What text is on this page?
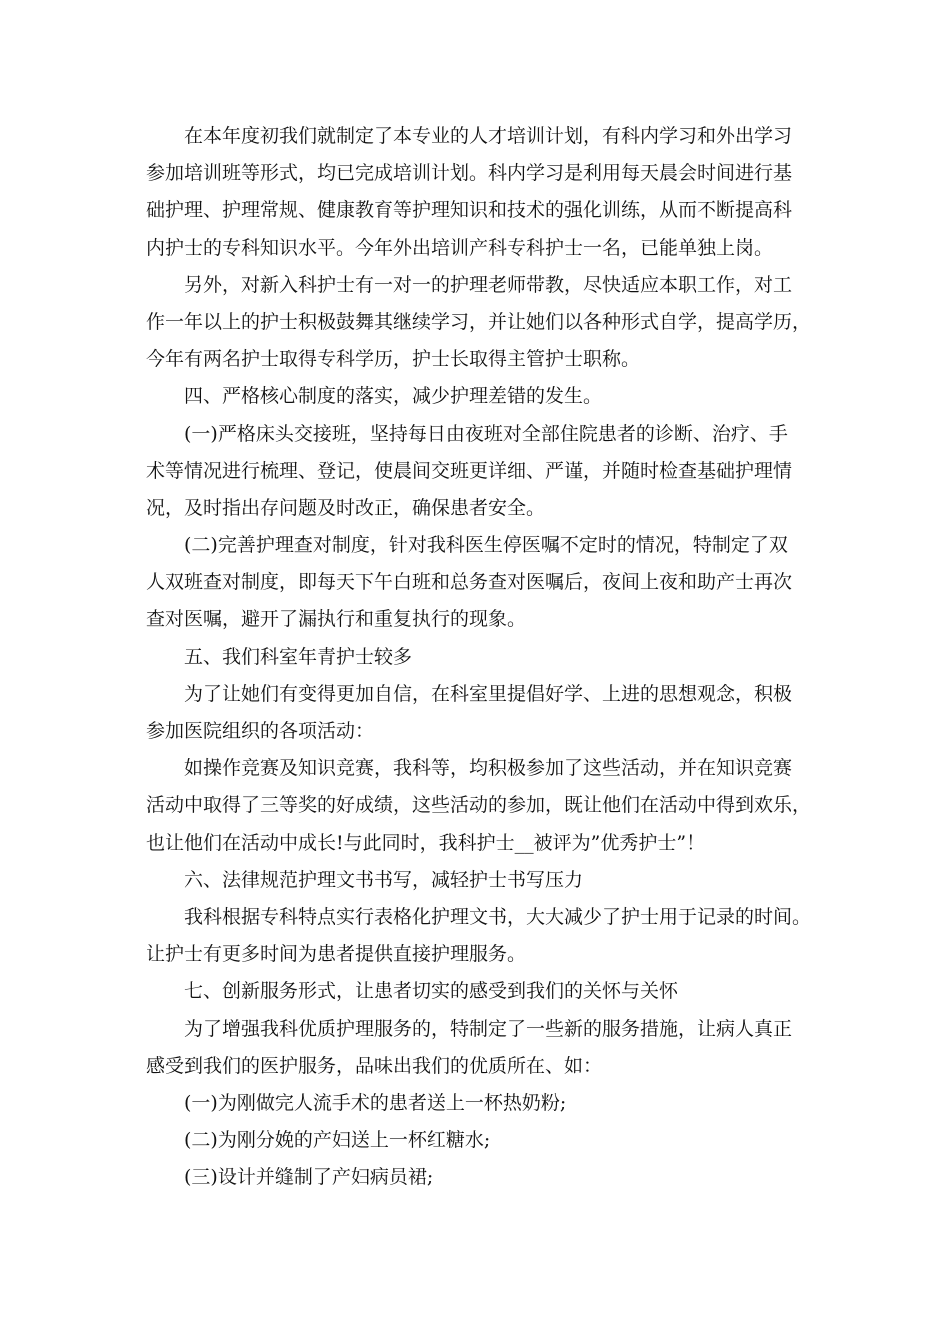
在本年度初我们就制定了本专业的人才培训计划，有科内学习和外出学习
参加培训班等形式，均已完成培训计划。科内学习是利用每天晨会时间进行基
础护理、护理常规、健康教育等护理知识和技术的强化训练，从而不断提高科
内护士的专科知识水平。今年外出培训产科专科护士一名，已能单独上岗。
另外，对新入科护士有一对一的护理老师带教，尽快适应本职工作，对工
作一年以上的护士积极鼓舞其继续学习，并让她们以各种形式自学，提高学历，
今年有两名护士取得专科学历，护士长取得主管护士职称。
四、严格核心制度的落实，减少护理差错的发生。
(一)严格床头交接班，坚持每日由夜班对全部住院患者的诊断、治疗、手
术等情况进行梳理、登记，使晨间交班更详细、严谨，并随时检查基础护理情
况，及时指出存问题及时改正，确保患者安全。
(二)完善护理查对制度，针对我科医生停医嘱不定时的情况，特制定了双
人双班查对制度，即每天下午白班和总务查对医嘱后，夜间上夜和助产士再次
查对医嘱，避开了漏执行和重复执行的现象。
五、我们科室年青护士较多
为了让她们有变得更加自信，在科室里提倡好学、上进的思想观念，积极
参加医院组织的各项活动：
如操作竞赛及知识竞赛，我科等，均积极参加了这些活动，并在知识竞赛
活动中取得了三等奖的好成绩，这些活动的参加，既让他们在活动中得到欢乐，
也让他们在活动中成长!与此同时，我科护士__被评为”优秀护士”！
六、法律规范护理文书书写，减轻护士书写压力
我科根据专科特点实行表格化护理文书，大大减少了护士用于记录的时间。
让护士有更多时间为患者提供直接护理服务。
七、创新服务形式，让患者切实的感受到我们的关怀与关怀
为了增强我科优质护理服务的，特制定了一些新的服务措施，让病人真正
感受到我们的医护服务，品味出我们的优质所在、如：
(一)为刚做完人流手术的患者送上一杯热奶粉;
(二)为刚分娩的产妇送上一杯红糖水;
(三)设计并缝制了产妇病员裙;
